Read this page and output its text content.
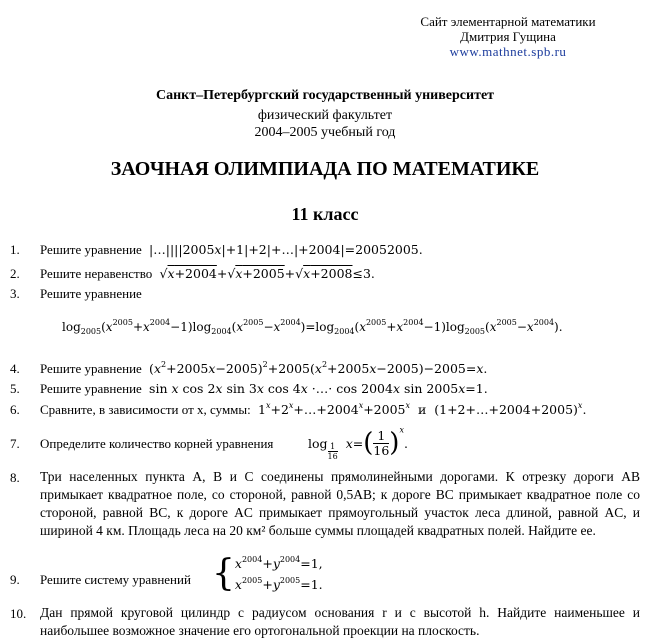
Сайт элементарной математики
Дмитрия Гущина
www.mathnet.spb.ru
Санкт–Петербургский государственный университет
физический факультет
2004–2005 учебный год
ЗАОЧНАЯ ОЛИМПИАДА ПО МАТЕМАТИКЕ
11 класс
1. Решите уравнение  |…||||2005x|+1|+2|+…|+2004|=20052005.
2. Решите неравенство  √x+2004+√x+2005+√x+2008≤3.
3. Решите уравнение
$\log_{2005}(x^{2005}+x^{2004}-1)\log_{2004}(x^{2005}-x^{2004})=\log_{2004}(x^{2005}+x^{2004}-1)\log_{2005}(x^{2005}-x^{2004})$.
4. Решите уравнение  $(x^2+2005x-2005)^2+2005(x^2+2005x-2005)-2005=x$.
5. Решите уравнение  sin x cos 2x sin 3x cos 4x ·…· cos 2004x sin 2005x=1.
6. Сравните, в зависимости от x, суммы:  $1^x+2^x+\dots+2004^x+2005^x$  и  (1+2+…+2004+2005)$^x$.
7. Определите количество корней уравнения	$\log \frac{1}{16} x=( \frac{1}{16} )^x$.
8. Три населенных пункта A, B и C соединены прямолинейными дорогами. К отрезку дороги AB примыкает квадратное поле, со стороной, равной 0,5AB; к дороге BC примыкает квадратное поле со стороной, равной BC, к дороге AC примыкает прямоугольный участок леса длиной, равной AC, и шириной 4 км. Площадь леса на 20 км² больше суммы площадей квадратных полей. Найдите ее.
9. Решите систему уравнений { $x^{2004}+y^{2004}=1$,
$x^{2005}+y^{2005}=1$.
10. Дан прямой круговой цилиндр с радиусом основания r и с высотой h. Найдите наименьшее и наибольшее возможное значение его ортогональной проекции на плоскость.
